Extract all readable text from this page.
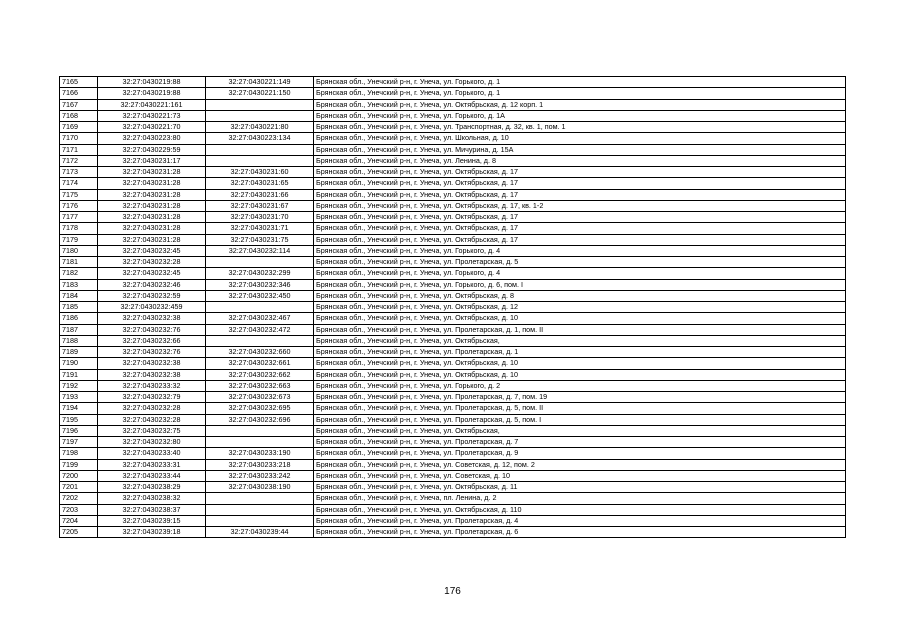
7165	32:27:0430219:88	32:27:0430221:149	Брянская обл., Унечский р-н, г. Унеча, ул. Горького, д. 1
7166	32:27:0430219:88	32:27:0430221:150	Брянская обл., Унечский р-н, г. Унеча, ул. Горького, д. 1
7167	32:27:0430221:161		Брянская обл., Унечский р-н, г. Унеча, ул. Октябрьская, д. 12 корп. 1
7168	32:27:0430221:73		Брянская обл., Унечский р-н, г. Унеча, ул. Горького, д. 1А
7169	32:27:0430221:70	32:27:0430221:80	Брянская обл., Унечский р-н, г. Унеча, ул. Транспортная, д. 32, кв. 1, пом. 1
7170	32:27:0430223:80	32:27:0430223:134	Брянская обл., Унечский р-н, г. Унеча, ул. Школьная, д. 10
7171	32:27:0430229:59		Брянская обл., Унечский р-н, г. Унеча, ул. Мичурина, д. 15А
7172	32:27:0430231:17		Брянская обл., Унечский р-н, г. Унеча, ул. Ленина, д. 8
7173	32:27:0430231:28	32:27:0430231:60	Брянская обл., Унечский р-н, г. Унеча, ул. Октябрьская, д. 17
7174	32:27:0430231:28	32:27:0430231:65	Брянская обл., Унечский р-н, г. Унеча, ул. Октябрьская, д. 17
7175	32:27:0430231:28	32:27:0430231:66	Брянская обл., Унечский р-н, г. Унеча, ул. Октябрьская, д. 17
7176	32:27:0430231:28	32:27:0430231:67	Брянская обл., Унечский р-н, г. Унеча, ул. Октябрьская, д. 17, кв. 1-2
7177	32:27:0430231:28	32:27:0430231:70	Брянская обл., Унечский р-н, г. Унеча, ул. Октябрьская, д. 17
7178	32:27:0430231:28	32:27:0430231:71	Брянская обл., Унечский р-н, г. Унеча, ул. Октябрьская, д. 17
7179	32:27:0430231:28	32:27:0430231:75	Брянская обл., Унечский р-н, г. Унеча, ул. Октябрьская, д. 17
7180	32:27:0430232:45	32:27:0430232:114	Брянская обл., Унечский р-н, г. Унеча, ул. Горького, д. 4
7181	32:27:0430232:28		Брянская обл., Унечский р-н, г. Унеча, ул. Пролетарская, д. 5
7182	32:27:0430232:45	32:27:0430232:299	Брянская обл., Унечский р-н, г. Унеча, ул. Горького, д. 4
7183	32:27:0430232:46	32:27:0430232:346	Брянская обл., Унечский р-н, г. Унеча, ул. Горького, д. 6, пом. I
7184	32:27:0430232:59	32:27:0430232:450	Брянская обл., Унечский р-н, г. Унеча, ул. Октябрьская, д. 8
7185	32:27:0430232:459		Брянская обл., Унечский р-н, г. Унеча, ул. Октябрьская, д. 12
7186	32:27:0430232:38	32:27:0430232:467	Брянская обл., Унечский р-н, г. Унеча, ул. Октябрьская, д. 10
7187	32:27:0430232:76	32:27:0430232:472	Брянская обл., Унечский р-н, г. Унеча, ул. Пролетарская, д. 1, пом. II
7188	32:27:0430232:66		Брянская обл., Унечский р-н, г. Унеча, ул. Октябрьская,
7189	32:27:0430232:76	32:27:0430232:660	Брянская обл., Унечский р-н, г. Унеча, ул. Пролетарская, д. 1
7190	32:27:0430232:38	32:27:0430232:661	Брянская обл., Унечский р-н, г. Унеча, ул. Октябрьская, д. 10
7191	32:27:0430232:38	32:27:0430232:662	Брянская обл., Унечский р-н, г. Унеча, ул. Октябрьская, д. 10
7192	32:27:0430233:32	32:27:0430232:663	Брянская обл., Унечский р-н, г. Унеча, ул. Горького, д. 2
7193	32:27:0430232:79	32:27:0430232:673	Брянская обл., Унечский р-н, г. Унеча, ул. Пролетарская, д. 7, пом. 19
7194	32:27:0430232:28	32:27:0430232:695	Брянская обл., Унечский р-н, г. Унеча, ул. Пролетарская, д. 5, пом. II
7195	32:27:0430232:28	32:27:0430232:696	Брянская обл., Унечский р-н, г. Унеча, ул. Пролетарская, д. 5, пом. I
7196	32:27:0430232:75		Брянская обл., Унечский р-н, г. Унеча, ул. Октябрьская,
7197	32:27:0430232:80		Брянская обл., Унечский р-н, г. Унеча, ул. Пролетарская, д. 7
7198	32:27:0430233:40	32:27:0430233:190	Брянская обл., Унечский р-н, г. Унеча, ул. Пролетарская, д. 9
7199	32:27:0430233:31	32:27:0430233:218	Брянская обл., Унечский р-н, г. Унеча, ул. Советская, д. 12, пом. 2
7200	32:27:0430233:44	32:27:0430233:242	Брянская обл., Унечский р-н, г. Унеча, ул. Советская, д. 10
7201	32:27:0430238:29	32:27:0430238:190	Брянская обл., Унечский р-н, г. Унеча, ул. Октябрьская, д. 11
7202	32:27:0430238:32		Брянская обл., Унечский р-н, г. Унеча, пл. Ленина, д. 2
7203	32:27:0430238:37		Брянская обл., Унечский р-н, г. Унеча, ул. Октябрьская, д. 110
7204	32:27:0430239:15		Брянская обл., Унечский р-н, г. Унеча, ул. Пролетарская, д. 4
7205	32:27:0430239:18	32:27:0430239:44	Брянская обл., Унечский р-н, г. Унеча, ул. Пролетарская, д. 6
176
